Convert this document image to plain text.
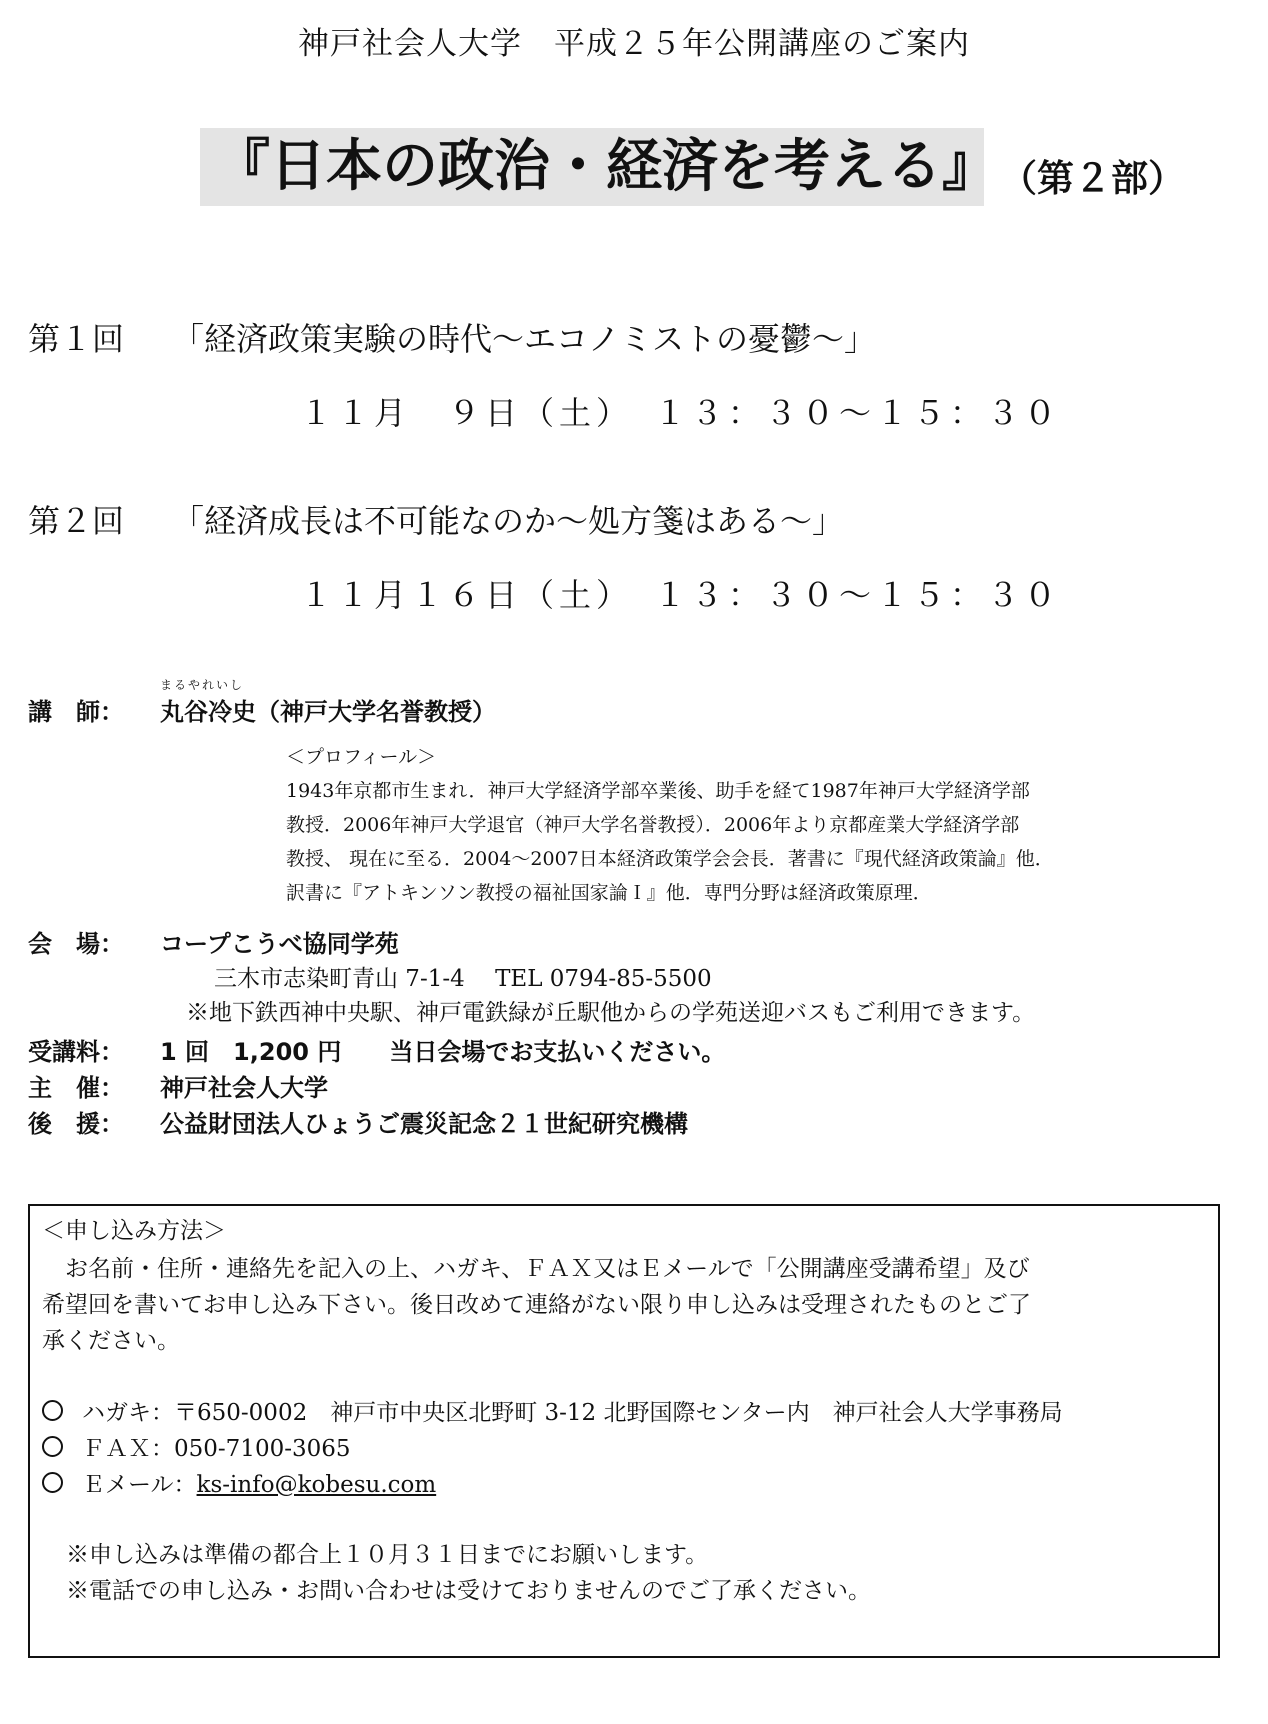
神戸社会人大学　平成２５年公開講座のご案内
『日本の政治・経済を考える』 （第２部）
第１回 「経済政策実験の時代～エコノミストの憂鬱～」
１１月　９日（土）　１３：３０～１５：３０
第２回 「経済成長は不可能なのか～処方箋はある～」
１１月１６日（土）　１３：３０～１５：３０
まるやれいし
講　師： 丸谷冷史（神戸大学名誉教授）
＜プロフィール＞
1943年京都市生まれ．神戸大学経済学部卒業後、助手を経て1987年神戸大学経済学部
教授．2006年神戸大学退官（神戸大学名誉教授）．2006年より京都産業大学経済学部
教授、 現在に至る．2004～2007日本経済政策学会会長．著書に『現代経済政策論』他．
訳書に『アトキンソン教授の福祉国家論Ｉ』他．専門分野は経済政策原理．
会　場： コープこうべ協同学苑
三木市志染町青山 7-1-4　 TEL 0794-85-5500
※地下鉄西神中央駅、神戸電鉄緑が丘駅他からの学苑送迎バスもご利用できます。
受講料： 1 回　1,200 円　　当日会場でお支払いください。
主　催： 神戸社会人大学
後　援： 公益財団法人ひょうご震災記念２１世紀研究機構
＜申し込み方法＞
　お名前・住所・連絡先を記入の上、ハガキ、ＦＡＸ又はＥメールで「公開講座受講希望」及び
希望回を書いてお申し込み下さい。後日改めて連絡がない限り申し込みは受理されたものとご了
承ください。
ハガキ：〒650-0002　神戸市中央区北野町 3-12 北野国際センター内　神戸社会人大学事務局
ＦＡＸ：050-7100-3065
Ｅメール：ks-info@kobesu.com
※申し込みは準備の都合上１０月３１日までにお願いします。
※電話での申し込み・お問い合わせは受けておりませんのでご了承ください。
